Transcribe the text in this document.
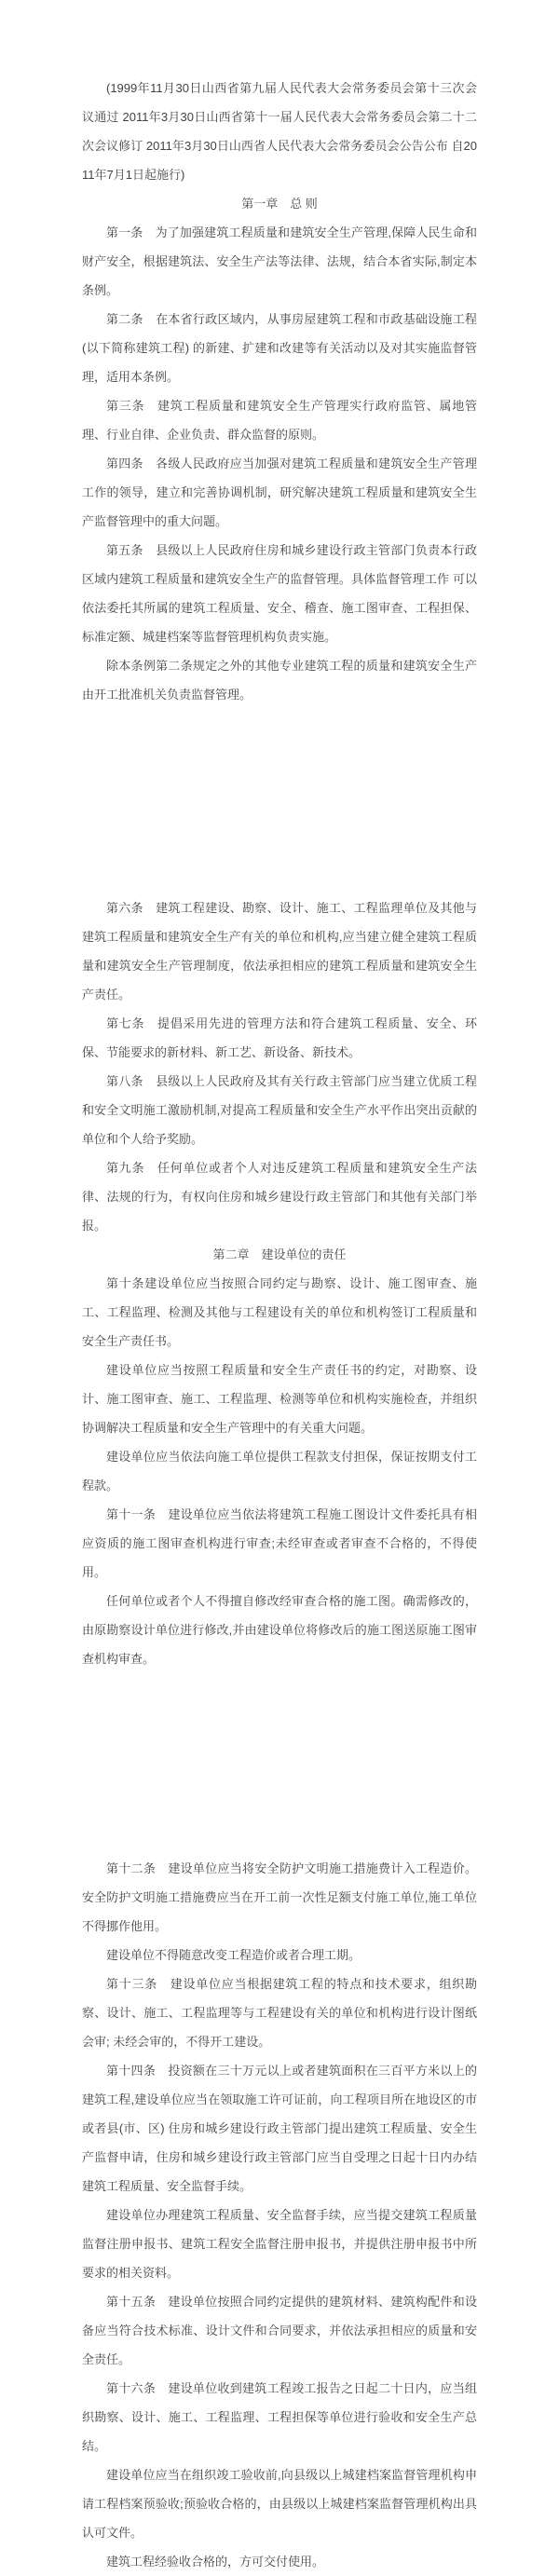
(1999年11月30日山西省第九届人民代表大会常务委员会第十三次会议通过 2011年3月30日山西省第十一届人民代表大会常务委员会第二十二次会议修订 2011年3月30日山西省人民代表大会常务委员会公告公布 自2011年7月1日起施行)

第一章　总 则

第一条　为了加强建筑工程质量和建筑安全生产管理,保障人民生命和财产安全，根据建筑法、安全生产法等法律、法规，结合本省实际,制定本条例。

第二条　在本省行政区域内，从事房屋建筑工程和市政基础设施工程 (以下简称建筑工程) 的新建、扩建和改建等有关活动以及对其实施监督管理，适用本条例。

第三条　建筑工程质量和建筑安全生产管理实行政府监管、属地管理、行业自律、企业负责、群众监督的原则。

第四条　各级人民政府应当加强对建筑工程质量和建筑安全生产管理工作的领导，建立和完善协调机制，研究解决建筑工程质量和建筑安全生产监督管理中的重大问题。

第五条　县级以上人民政府住房和城乡建设行政主管部门负责本行政区域内建筑工程质量和建筑安全生产的监督管理。具体监督管理工作 可以依法委托其所属的建筑工程质量、安全、稽查、施工图审查、工程担保、标准定额、城建档案等监督管理机构负责实施。

除本条例第二条规定之外的其他专业建筑工程的质量和建筑安全生产由开工批准机关负责监督管理。

第六条　建筑工程建设、勘察、设计、施工、工程监理单位及其他与建筑工程质量和建筑安全生产有关的单位和机构,应当建立健全建筑工程质量和建筑安全生产管理制度，依法承担相应的建筑工程质量和建筑安全生产责任。

第七条　提倡采用先进的管理方法和符合建筑工程质量、安全、环保、节能要求的新材料、新工艺、新设备、新技术。

第八条　县级以上人民政府及其有关行政主管部门应当建立优质工程和安全文明施工激励机制,对提高工程质量和安全生产水平作出突出贡献的单位和个人给予奖励。

第九条　任何单位或者个人对违反建筑工程质量和建筑安全生产法律、法规的行为，有权向住房和城乡建设行政主管部门和其他有关部门举报。

第二章　建设单位的责任

第十条建设单位应当按照合同约定与勘察、设计、施工图审查、施工、工程监理、检测及其他与工程建设有关的单位和机构签订工程质量和安全生产责任书。

建设单位应当按照工程质量和安全生产责任书的约定，对勘察、设计、施工图审查、施工、工程监理、检测等单位和机构实施检查，并组织协调解决工程质量和安全生产管理中的有关重大问题。

建设单位应当依法向施工单位提供工程款支付担保，保证按期支付工程款。

第十一条　建设单位应当依法将建筑工程施工图设计文件委托具有相应资质的施工图审查机构进行审查;未经审查或者审查不合格的，不得使用。

任何单位或者个人不得擅自修改经审查合格的施工图。确需修改的，由原勘察设计单位进行修改,并由建设单位将修改后的施工图送原施工图审查机构审查。

第十二条　建设单位应当将安全防护文明施工措施费计入工程造价。安全防护文明施工措施费应当在开工前一次性足额支付施工单位,施工单位不得挪作他用。

建设单位不得随意改变工程造价或者合理工期。

第十三条　建设单位应当根据建筑工程的特点和技术要求，组织勘察、设计、施工、工程监理等与工程建设有关的单位和机构进行设计图纸会审; 未经会审的，不得开工建设。

第十四条　投资额在三十万元以上或者建筑面积在三百平方米以上的建筑工程,建设单位应当在领取施工许可证前，向工程项目所在地设区的市或者县(市、区) 住房和城乡建设行政主管部门提出建筑工程质量、安全生产监督申请，住房和城乡建设行政主管部门应当自受理之日起十日内办结建筑工程质量、安全监督手续。

建设单位办理建筑工程质量、安全监督手续，应当提交建筑工程质量监督注册申报书、建筑工程安全监督注册申报书，并提供注册申报书中所要求的相关资料。

第十五条　建设单位按照合同约定提供的建筑材料、建筑构配件和设备应当符合技术标准、设计文件和合同要求，并依法承担相应的质量和安全责任。

第十六条　建设单位收到建筑工程竣工报告之日起二十日内，应当组织勘察、设计、施工、工程监理、工程担保等单位进行验收和安全生产总结。

建设单位应当在组织竣工验收前,向县级以上城建档案监督管理机构申请工程档案预验收;预验收合格的，由县级以上城建档案监督管理机构出具认可文件。

建筑工程经验收合格的，方可交付使用。
